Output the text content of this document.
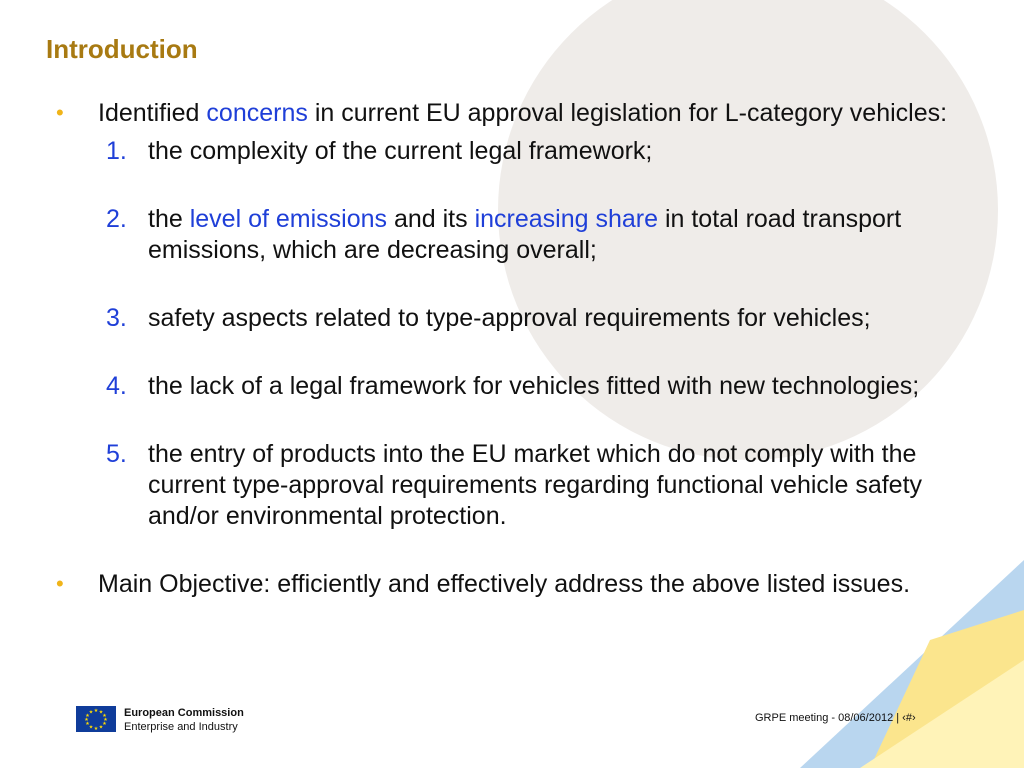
Introduction
• Identified concerns in current EU approval legislation for L-category vehicles:
1. the complexity of the current legal framework;
2. the level of emissions and its increasing share in total road transport emissions, which are decreasing overall;
3. safety aspects related to type-approval requirements for vehicles;
4. the lack of a legal framework for vehicles fitted with new technologies;
5. the entry of products into the EU market which do not comply with the current type-approval requirements regarding functional vehicle safety and/or environmental protection.
• Main Objective: efficiently and effectively address the above listed issues.
★ ★
★
★
★
★
★
★
★
★
★
★	European Commission
Enterprise and Industry
GRPE meeting - 08/06/2012 | ‹#›
